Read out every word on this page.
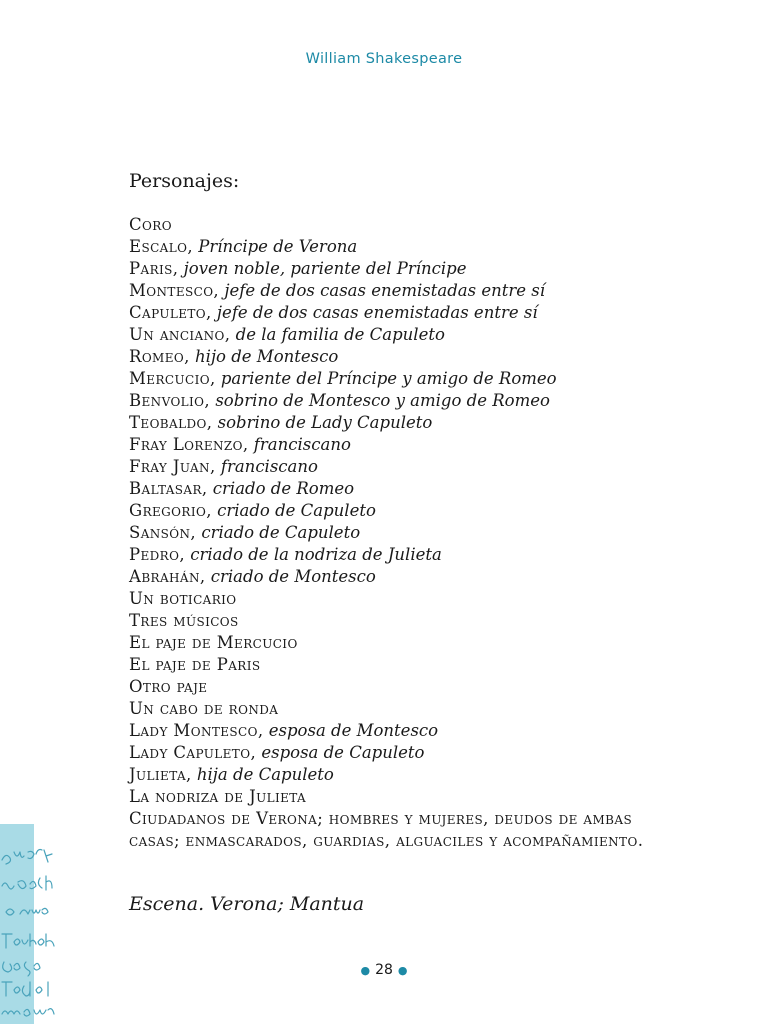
William Shakespeare
Personajes:
Coro
Escalo, Príncipe de Verona
Paris, joven noble, pariente del Príncipe
Montesco, jefe de dos casas enemistadas entre sí
Capuleto, jefe de dos casas enemistadas entre sí
Un anciano, de la familia de Capuleto
Romeo, hijo de Montesco
Mercucio, pariente del Príncipe y amigo de Romeo
Benvolio, sobrino de Montesco y amigo de Romeo
Teobaldo, sobrino de Lady Capuleto
Fray Lorenzo, franciscano
Fray Juan, franciscano
Baltasar, criado de Romeo
Gregorio, criado de Capuleto
Sansón, criado de Capuleto
Pedro, criado de la nodriza de Julieta
Abrahán, criado de Montesco
Un boticario
Tres músicos
El paje de Mercucio
El paje de Paris
Otro paje
Un cabo de ronda
Lady Montesco, esposa de Montesco
Lady Capuleto, esposa de Capuleto
Julieta, hija de Capuleto
La nodriza de Julieta
Ciudadanos de Verona; hombres y mujeres, deudos de ambas casas; enmascarados, guardias, alguaciles y acompañamiento.
Escena. Verona; Mantua
● 28 ●
